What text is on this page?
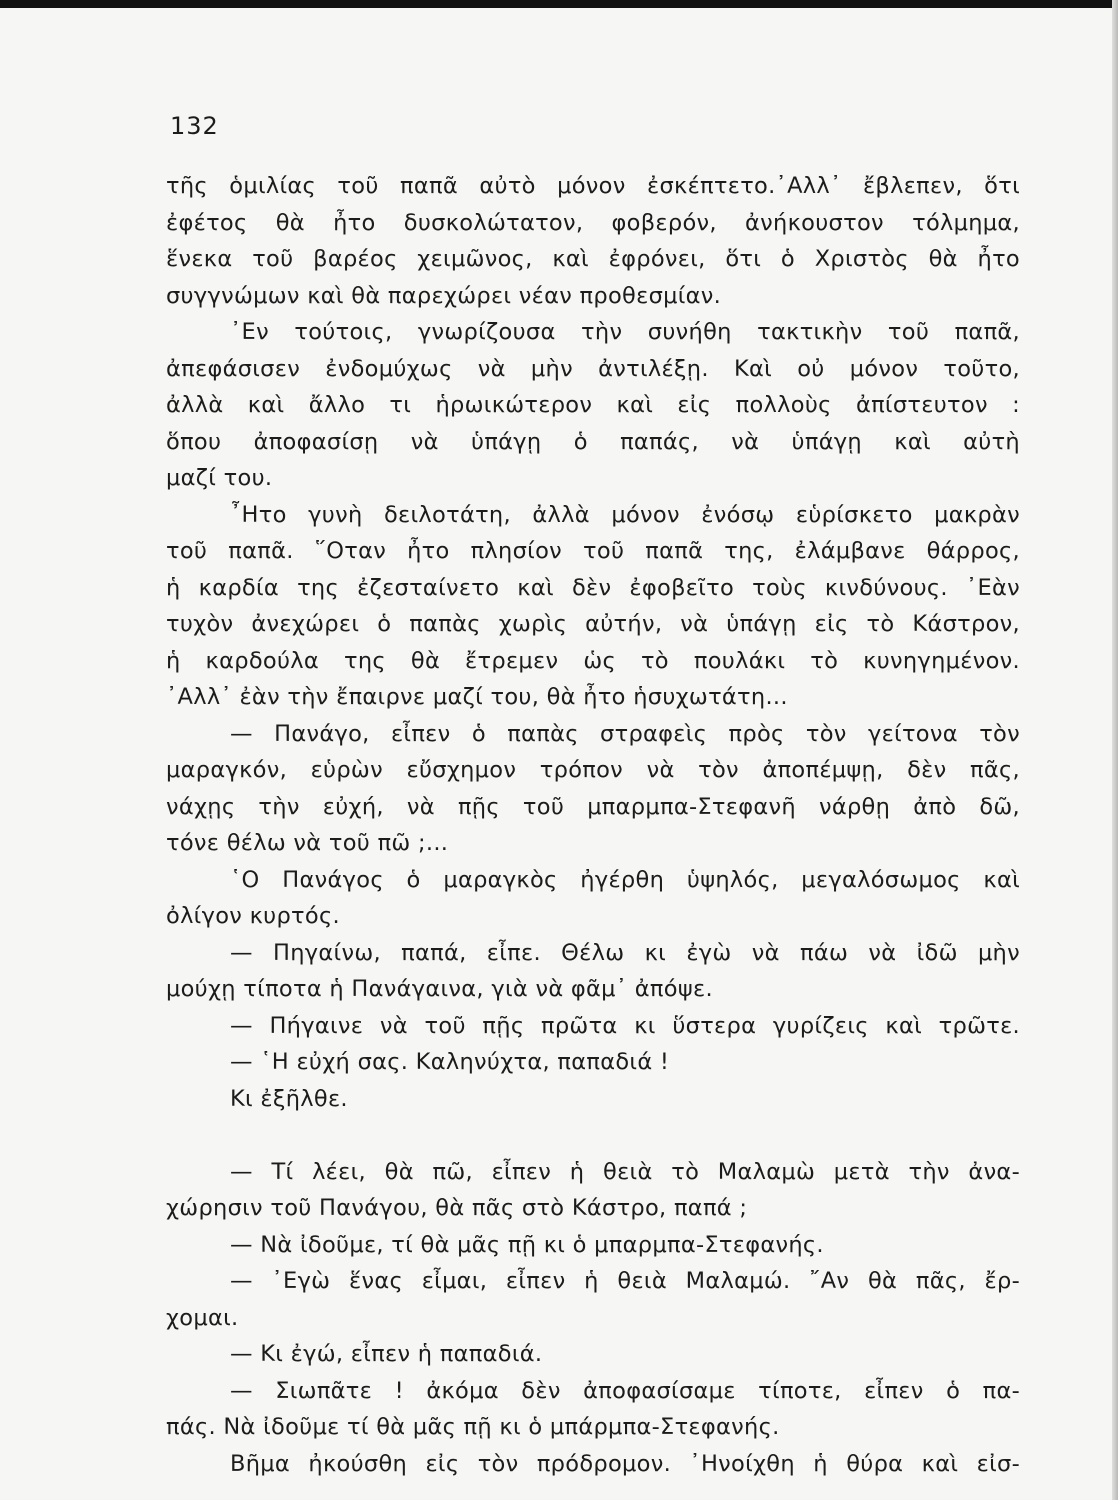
132
τῆς ὁμιλίας τοῦ παπᾶ αὐτὸ μόνον ἐσκέπτετο.᾿Αλλ᾿ ἔβλεπεν, ὅτι
ἐφέτος θὰ ἦτο δυσκολώτατον, φοβερόν, ἀνήκουστον τόλμημα,
ἕνεκα τοῦ βαρέος χειμῶνος, καὶ ἐφρόνει, ὅτι ὁ Χριστὸς θὰ ἦτο
συγγνώμων καὶ θὰ παρεχώρει νέαν προθεσμίαν.
᾿Εν τούτοις, γνωρίζουσα τὴν συνήθη τακτικὴν τοῦ παπᾶ,
ἀπεφάσισεν ἐνδομύχως νὰ μὴν ἀντιλέξῃ. Καὶ οὐ μόνον τοῦτο,
ἀλλὰ καὶ ἄλλο τι ἡρωικώτερον καὶ εἰς πολλοὺς ἀπίστευτον :
ὅπου ἀποφασίσῃ νὰ ὑπάγῃ ὁ παπάς, νὰ ὑπάγῃ καὶ αὐτὴ
μαζί του.
῏Ητο γυνὴ δειλοτάτη, ἀλλὰ μόνον ἐνόσῳ εὑρίσκετο μακρὰν
τοῦ παπᾶ. ῞Οταν ἦτο πλησίον τοῦ παπᾶ της, ἐλάμβανε θάρρος,
ἡ καρδία της ἐζεσταίνετο καὶ δὲν ἐφοβεῖτο τοὺς κινδύνους. ᾿Εὰν
τυχὸν ἀνεχώρει ὁ παπὰς χωρὶς αὐτήν, νὰ ὑπάγῃ εἰς τὸ Κάστρον,
ἡ καρδούλα της θὰ ἔτρεμεν ὡς τὸ πουλάκι τὸ κυνηγημένον.
᾿Αλλ᾿ ἐὰν τὴν ἔπαιρνε μαζί του, θὰ ἦτο ἡσυχωτάτη...
— Πανάγο, εἶπεν ὁ παπὰς στραφεὶς πρὸς τὸν γείτονα τὸν
μαραγκόν, εὑρὼν εὔσχημον τρόπον νὰ τὸν ἀποπέμψῃ, δὲν πᾶς,
νάχῃς τὴν εὐχή, νὰ πῇς τοῦ μπαρμπα-Στεφανῆ νάρθῃ ἀπὸ δῶ,
τόνε θέλω νὰ τοῦ πῶ ;...
῾Ο Πανάγος ὁ μαραγκὸς ἠγέρθη ὑψηλός, μεγαλόσωμος καὶ
ὀλίγον κυρτός.
— Πηγαίνω, παπά, εἶπε. Θέλω κι ἐγὼ νὰ πάω νὰ ἰδῶ μὴν
μούχῃ τίποτα ἡ Πανάγαινα, γιὰ νὰ φᾶμ᾿ ἀπόψε.
— Πήγαινε νὰ τοῦ πῇς πρῶτα κι ὕστερα γυρίζεις καὶ τρῶτε.
— ῾Η εὐχή σας. Καληνύχτα, παπαδιά !
Κι ἐξῆλθε.
— Τί λέει, θὰ πῶ, εἶπεν ἡ θειὰ τὸ Μαλαμὼ μετὰ τὴν ἀνα-
χώρησιν τοῦ Πανάγου, θὰ πᾶς στὸ Κάστρο, παπά ;
— Νὰ ἰδοῦμε, τί θὰ μᾶς πῇ κι ὁ μπαρμπα-Στεφανής.
— ᾿Εγὼ ἕνας εἶμαι, εἶπεν ἡ θειὰ Μαλαμώ. ῎Αν θὰ πᾶς, ἔρ-
χομαι.
— Κι ἐγώ, εἶπεν ἡ παπαδιά.
— Σιωπᾶτε ! ἀκόμα δὲν ἀποφασίσαμε τίποτε, εἶπεν ὁ πα-
πάς. Νὰ ἰδοῦμε τί θὰ μᾶς πῇ κι ὁ μπάρμπα-Στεφανής.
Βῆμα ἠκούσθη εἰς τὸν πρόδρομον. ᾿Ηνοίχθη ἡ θύρα καὶ εἰσ-
